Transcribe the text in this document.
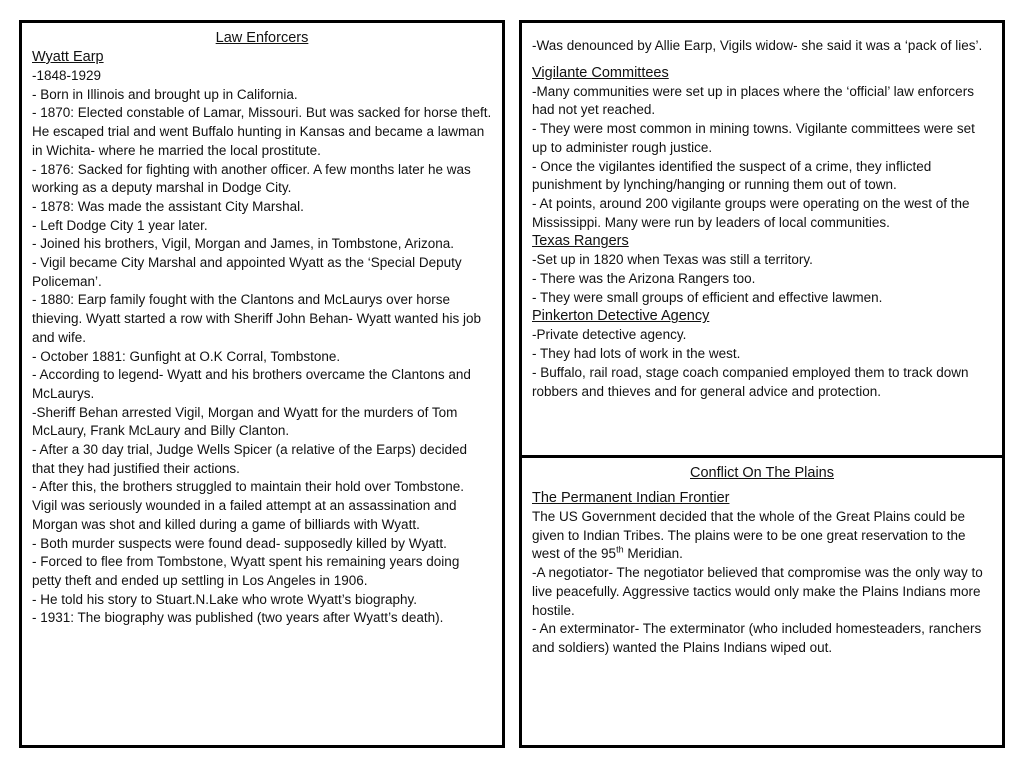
Law Enforcers

Wyatt Earp

-1848-1929

- Born in Illinois and brought up in California.

- 1870: Elected constable of Lamar, Missouri. But was sacked for horse theft. He escaped trial and went Buffalo hunting in Kansas and became a lawman in Wichita- where he married the local prostitute.

- 1876: Sacked for fighting with another officer. A few months later he was working as a deputy marshal in Dodge City.

- 1878: Was made the assistant City Marshal.

- Left Dodge City 1 year later.

- Joined his brothers, Vigil, Morgan and James, in Tombstone, Arizona.

- Vigil became City Marshal and appointed Wyatt as the ‘Special Deputy Policeman’.

- 1880: Earp family fought with the Clantons and McLaurys over horse thieving. Wyatt started a row with Sheriff John Behan- Wyatt wanted his job and wife.

- October 1881: Gunfight at O.K Corral, Tombstone.

- According to legend- Wyatt and his brothers overcame the Clantons and McLaurys.

-Sheriff Behan arrested Vigil, Morgan and Wyatt for the murders of Tom McLaury, Frank McLaury and Billy Clanton.

- After a 30 day trial, Judge Wells Spicer (a relative of the Earps) decided that they had justified their actions.

- After this, the brothers struggled to maintain their hold over Tombstone. Vigil was seriously wounded in a failed attempt at an assassination and Morgan was shot and killed during a game of billiards with Wyatt.

- Both murder suspects were found dead- supposedly killed by Wyatt.

- Forced to flee from Tombstone, Wyatt spent his remaining years doing petty theft and ended up settling in Los Angeles in 1906.

- He told his story to Stuart.N.Lake who wrote Wyatt’s biography.

- 1931: The biography was published (two years after Wyatt’s death).

-Was denounced by Allie Earp, Vigils widow- she said it was a ‘pack of lies’.

Vigilante Committees

-Many communities were set up in places where the ‘official’ law enforcers had not yet reached.

- They were most common in mining towns. Vigilante committees were set up to administer rough justice.

- Once the vigilantes identified the suspect of a crime, they inflicted punishment by lynching/hanging or running them out of town.

- At points, around 200 vigilante groups were operating on the west of the Mississippi. Many were run by leaders of local communities.

Texas Rangers

-Set up in 1820 when Texas was still a territory.

- There was the Arizona Rangers too.

- They were small groups of efficient and effective lawmen.

Pinkerton Detective Agency

-Private detective agency.

- They had lots of work in the west.

- Buffalo, rail road, stage coach companied employed them to track down robbers and thieves and for general advice and protection.

Conflict On The Plains

The Permanent Indian Frontier

The US Government decided that the whole of the Great Plains could be given to Indian Tribes. The plains were to be one great reservation to the west of the 95th Meridian.

-A negotiator- The negotiator believed that compromise was the only way to live peacefully. Aggressive tactics would only make the Plains Indians more hostile.

- An exterminator- The exterminator (who included homesteaders, ranchers and soldiers) wanted the Plains Indians wiped out.
